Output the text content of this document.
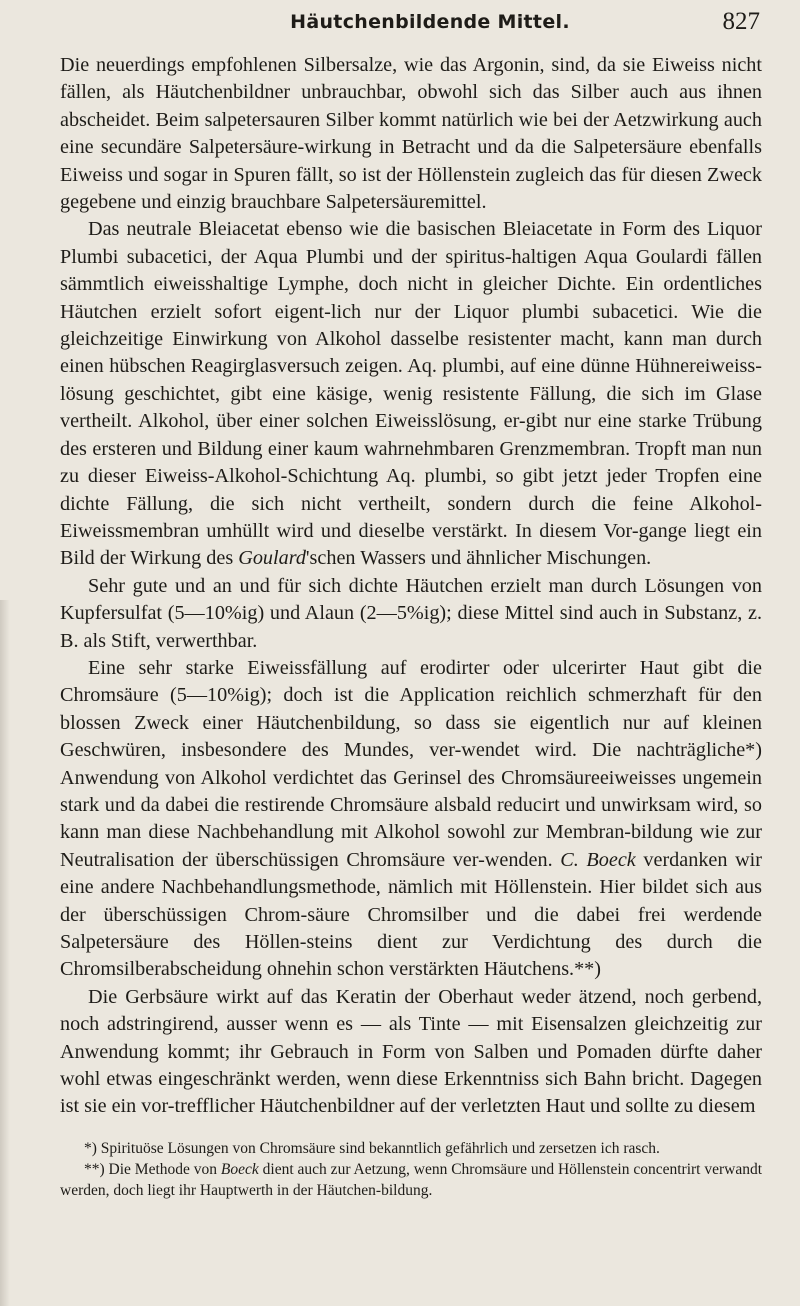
Häutchenbildende Mittel.	827

Die neuerdings empfohlenen Silbersalze, wie das Argonin, sind, da sie Eiweiss nicht fällen, als Häutchenbildner unbrauchbar, obwohl sich das Silber auch aus ihnen abscheidet. Beim salpetersauren Silber kommt natürlich wie bei der Aetzwirkung auch eine secundäre Salpetersäure-wirkung in Betracht und da die Salpetersäure ebenfalls Eiweiss und sogar in Spuren fällt, so ist der Höllenstein zugleich das für diesen Zweck gegebene und einzig brauchbare Salpetersäuremittel.

Das neutrale Bleiacetat ebenso wie die basischen Bleiacetate in Form des Liquor Plumbi subacetici, der Aqua Plumbi und der spiritus-haltigen Aqua Goulardi fällen sämmtlich eiweisshaltige Lymphe, doch nicht in gleicher Dichte. Ein ordentliches Häutchen erzielt sofort eigent-lich nur der Liquor plumbi subacetici. Wie die gleichzeitige Einwirkung von Alkohol dasselbe resistenter macht, kann man durch einen hübschen Reagirglasversuch zeigen. Aq. plumbi, auf eine dünne Hühnereiweiss-lösung geschichtet, gibt eine käsige, wenig resistente Fällung, die sich im Glase vertheilt. Alkohol, über einer solchen Eiweisslösung, er-gibt nur eine starke Trübung des ersteren und Bildung einer kaum wahrnehmbaren Grenzmembran. Tropft man nun zu dieser Eiweiss-Alkohol-Schichtung Aq. plumbi, so gibt jetzt jeder Tropfen eine dichte Fällung, die sich nicht vertheilt, sondern durch die feine Alkohol-Eiweissmembran umhüllt wird und dieselbe verstärkt. In diesem Vor-gange liegt ein Bild der Wirkung des Goulard'schen Wassers und ähnlicher Mischungen.

Sehr gute und an und für sich dichte Häutchen erzielt man durch Lösungen von Kupfersulfat (5—10%ig) und Alaun (2—5%ig); diese Mittel sind auch in Substanz, z. B. als Stift, verwerthbar.

Eine sehr starke Eiweissfällung auf erodirter oder ulcerirter Haut gibt die Chromsäure (5—10%ig); doch ist die Application reichlich schmerzhaft für den blossen Zweck einer Häutchenbildung, so dass sie eigentlich nur auf kleinen Geschwüren, insbesondere des Mundes, ver-wendet wird. Die nachträgliche*) Anwendung von Alkohol verdichtet das Gerinsel des Chromsäureeiweisses ungemein stark und da dabei die restirende Chromsäure alsbald reducirt und unwirksam wird, so kann man diese Nachbehandlung mit Alkohol sowohl zur Membran-bildung wie zur Neutralisation der überschüssigen Chromsäure ver-wenden. C. Boeck verdanken wir eine andere Nachbehandlungsmethode, nämlich mit Höllenstein. Hier bildet sich aus der überschüssigen Chrom-säure Chromsilber und die dabei frei werdende Salpetersäure des Höllen-steins dient zur Verdichtung des durch die Chromsilberabscheidung ohnehin schon verstärkten Häutchens.**)

Die Gerbsäure wirkt auf das Keratin der Oberhaut weder ätzend, noch gerbend, noch adstringirend, ausser wenn es — als Tinte — mit Eisensalzen gleichzeitig zur Anwendung kommt; ihr Gebrauch in Form von Salben und Pomaden dürfte daher wohl etwas eingeschränkt werden, wenn diese Erkenntniss sich Bahn bricht. Dagegen ist sie ein vor-trefflicher Häutchenbildner auf der verletzten Haut und sollte zu diesem

*) Spirituöse Lösungen von Chromsäure sind bekanntlich gefährlich und zersetzen ich rasch.

**) Die Methode von Boeck dient auch zur Aetzung, wenn Chromsäure und Höllenstein concentrirt verwandt werden, doch liegt ihr Hauptwerth in der Häutchen-bildung.
